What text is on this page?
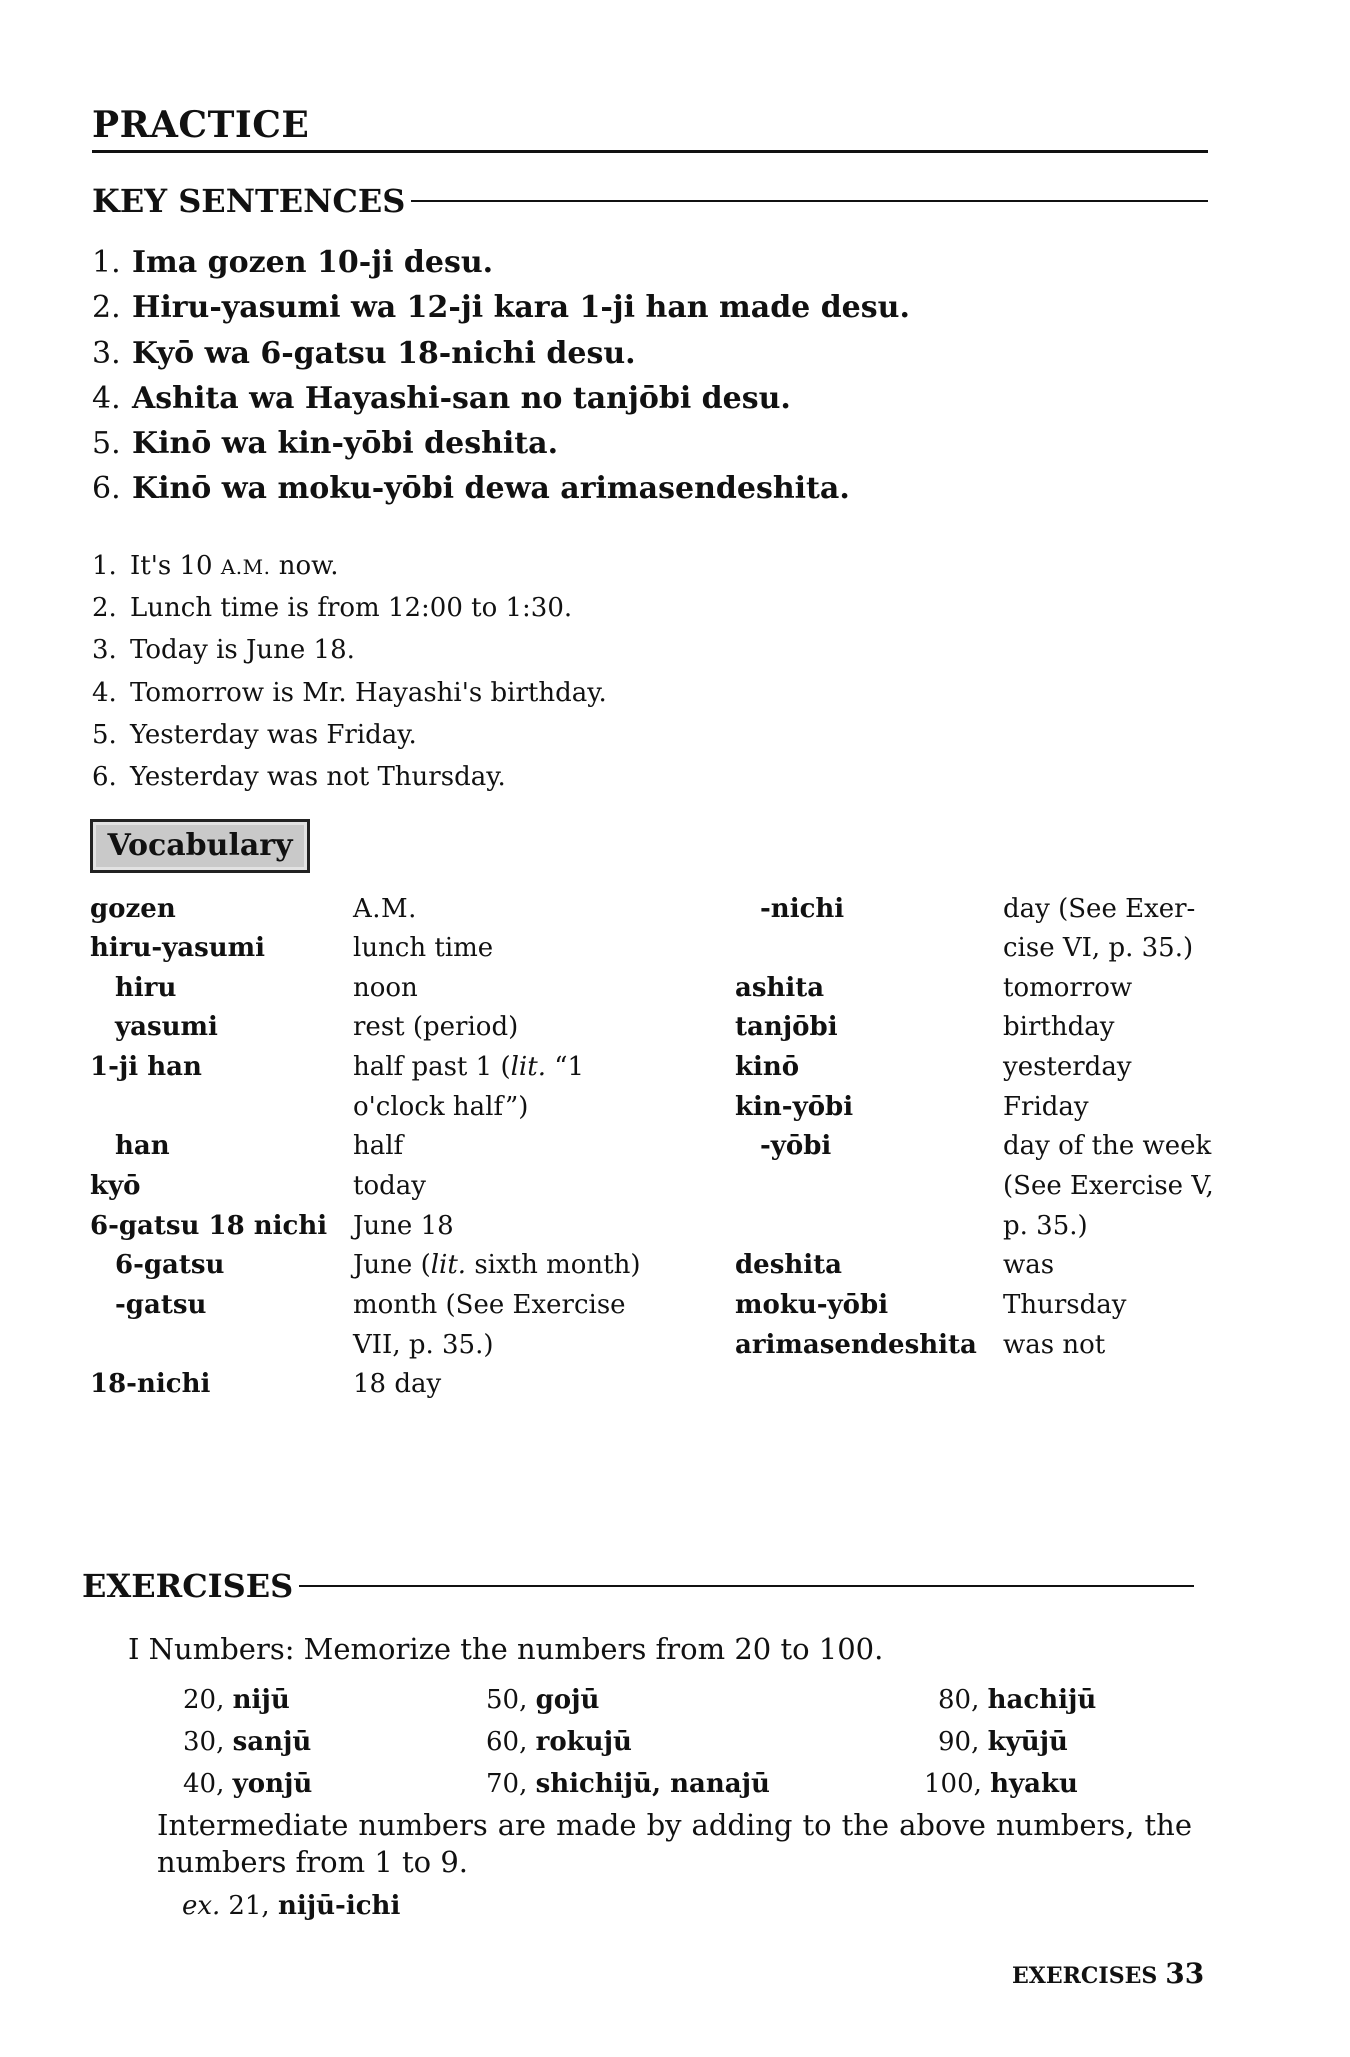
PRACTICE
KEY SENTENCES
1. Ima gozen 10-ji desu.
2. Hiru-yasumi wa 12-ji kara 1-ji han made desu.
3. Kyō wa 6-gatsu 18-nichi desu.
4. Ashita wa Hayashi-san no tanjōbi desu.
5. Kinō wa kin-yōbi deshita.
6. Kinō wa moku-yōbi dewa arimasendeshita.
1. It's 10 A.M. now.
2. Lunch time is from 12:00 to 1:30.
3. Today is June 18.
4. Tomorrow is Mr. Hayashi's birthday.
5. Yesterday was Friday.
6. Yesterday was not Thursday.
Vocabulary
gozen
hiru-yasumi
hiru
yasumi
1-ji han
han
kyō
6-gatsu 18 nichi
6-gatsu
-gatsu
18-nichi
A.M.
lunch time
noon
rest (period)
half past 1 (lit. “1
o'clock half”)
half
today
June 18
June (lit. sixth month)
month (See Exercise
VII, p. 35.)
18 day
-nichi
ashita
tanjōbi
kinō
kin-yōbi
-yōbi
deshita
moku-yōbi
arimasendeshita
day (See Exer-
cise VI, p. 35.)
tomorrow
birthday
yesterday
Friday
day of the week
(See Exercise V,
p. 35.)
was
Thursday
was not
EXERCISES
I Numbers: Memorize the numbers from 20 to 100.
20, nijū
30, sanjū
40, yonjū
50, gojū
60, rokujū
70, shichijū, nanajū
80, hachijū
90, kyūjū
100, hyaku
Intermediate numbers are made by adding to the above numbers, the numbers from 1 to 9.
ex. 21, nijū-ichi
EXERCISES 33
